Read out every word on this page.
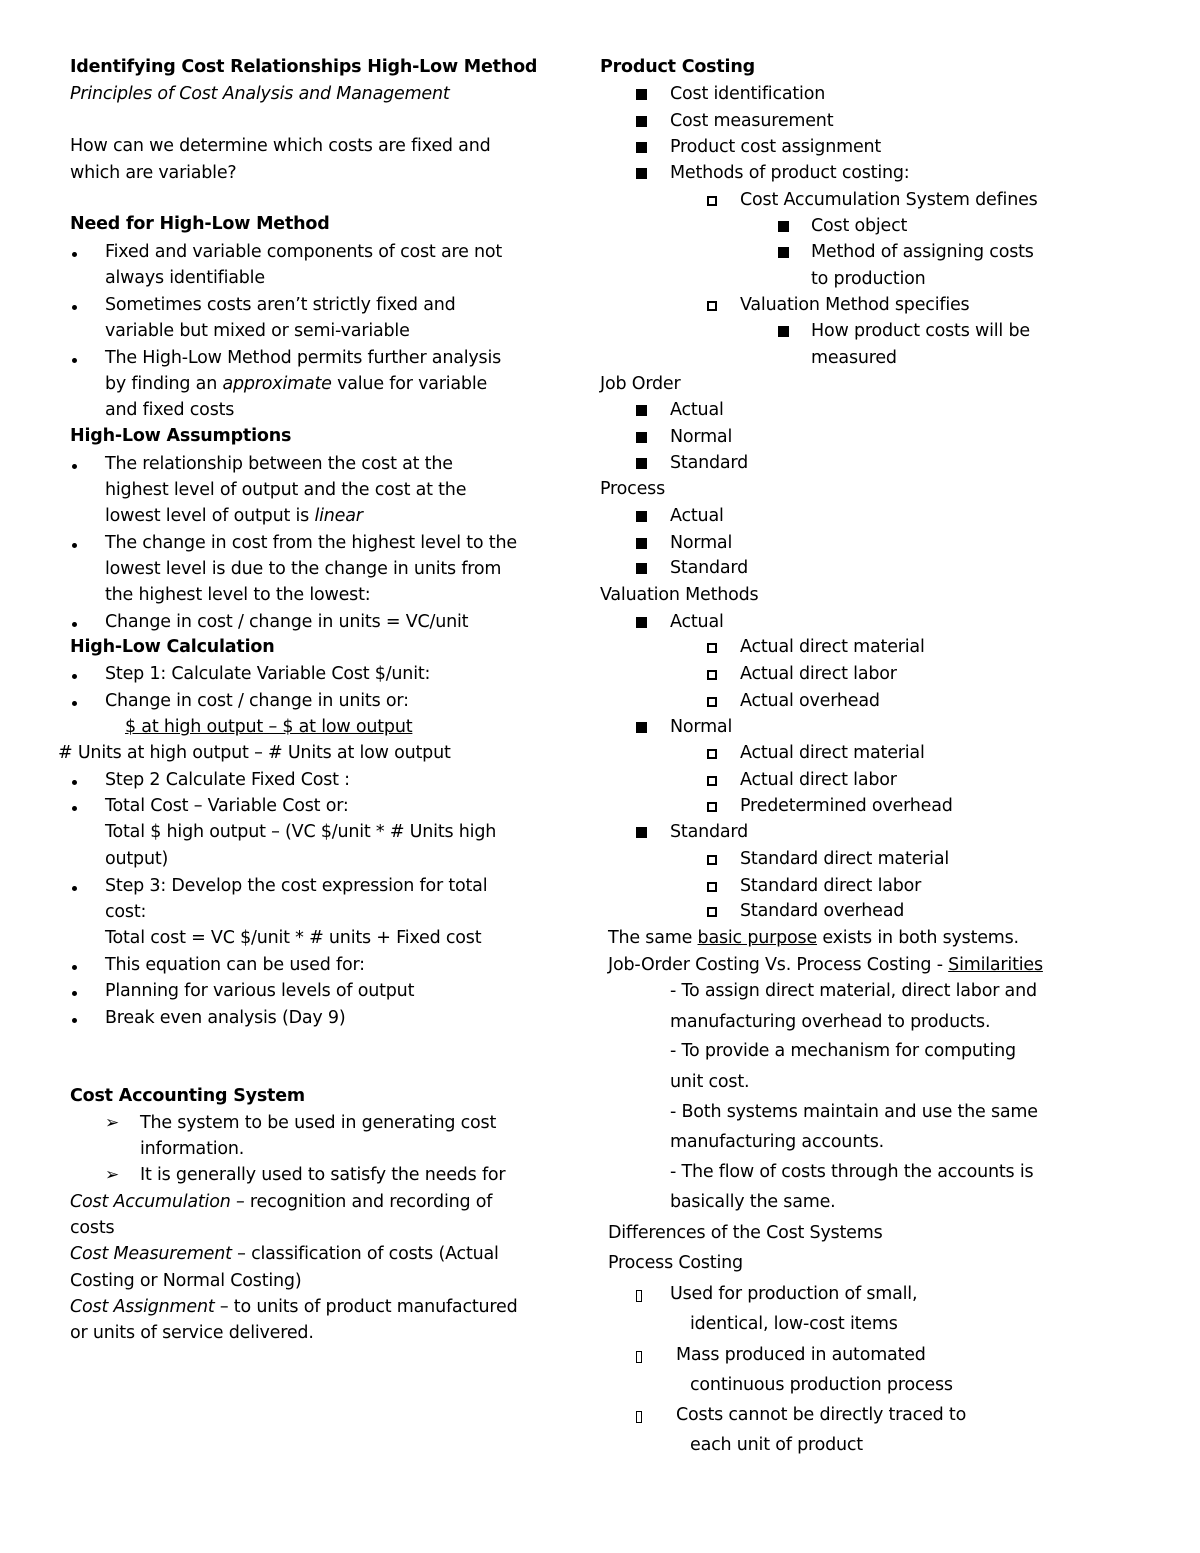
Identifying Cost Relationships High-Low Method
Principles of Cost Analysis and Management
How can we determine which costs are fixed and
which are variable?
Need for High-Low Method
Fixed and variable components of cost are not
always identifiable
Sometimes costs aren’t strictly fixed and
variable but mixed or semi-variable
The High-Low Method permits further analysis
by finding an approximate value for variable
and fixed costs
High-Low Assumptions
The relationship between the cost at the
highest level of output and the cost at the
lowest level of output is linear
The change in cost from the highest level to the
lowest level is due to the change in units from
the highest level to the lowest:
Change in cost / change in units = VC/unit
High-Low Calculation
Step 1: Calculate Variable Cost $/unit:
Change in cost / change in units or:
$ at high output – $ at low output
# Units at high output – # Units at low output
Step 2 Calculate Fixed Cost :
Total Cost – Variable Cost or:
Total $ high output – (VC $/unit * # Units high
output)
Step 3: Develop the cost expression for total
cost:
Total cost = VC $/unit * # units + Fixed cost
This equation can be used for:
Planning for various levels of output
Break even analysis (Day 9)
Cost Accounting System
➢ The system to be used in generating cost
information.
➢ It is generally used to satisfy the needs for
Cost Accumulation – recognition and recording of
costs
Cost Measurement – classification of costs (Actual
Costing or Normal Costing)
Cost Assignment – to units of product manufactured
or units of service delivered.
Product Costing
Cost identification
Cost measurement
Product cost assignment
Methods of product costing:
Cost Accumulation System defines
Cost object
Method of assigning costs
to production
Valuation Method specifies
How product costs will be
measured
Job Order
Actual
Normal
Standard
Process
Actual
Normal
Standard
Valuation Methods
Actual
Actual direct material
Actual direct labor
Actual overhead
Normal
Actual direct material
Actual direct labor
Predetermined overhead
Standard
Standard direct material
Standard direct labor
Standard overhead
The same basic purpose exists in both systems.
Job-Order Costing Vs. Process Costing - Similarities
- To assign direct material, direct labor and
manufacturing overhead to products.
- To provide a mechanism for computing
unit cost.
- Both systems maintain and use the same
manufacturing accounts.
- The flow of costs through the accounts is
basically the same.
Differences of the Cost Systems
Process Costing
Used for production of small,
identical, low-cost items
Mass produced in automated
continuous production process
Costs cannot be directly traced to
each unit of product
